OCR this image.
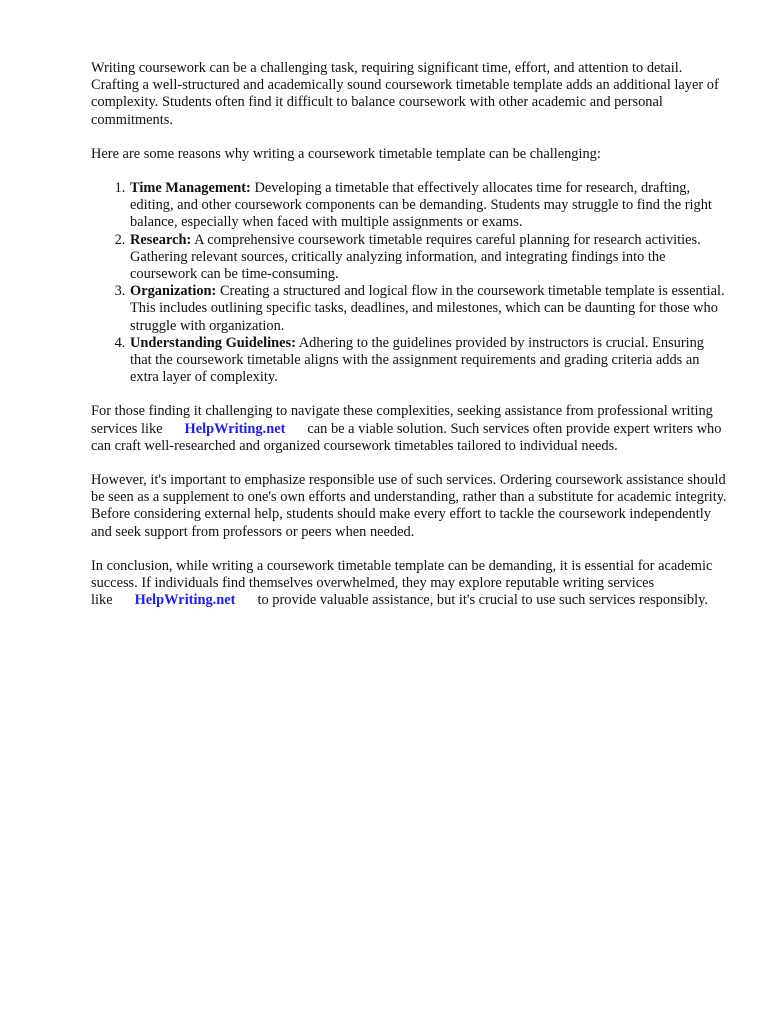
Writing coursework can be a challenging task, requiring significant time, effort, and attention to detail. Crafting a well-structured and academically sound coursework timetable template adds an additional layer of complexity. Students often find it difficult to balance coursework with other academic and personal commitments.

Here are some reasons why writing a coursework timetable template can be challenging:

1. Time Management: Developing a timetable that effectively allocates time for research, drafting, editing, and other coursework components can be demanding. Students may struggle to find the right balance, especially when faced with multiple assignments or exams.
2. Research: A comprehensive coursework timetable requires careful planning for research activities. Gathering relevant sources, critically analyzing information, and integrating findings into the coursework can be time-consuming.
3. Organization: Creating a structured and logical flow in the coursework timetable template is essential. This includes outlining specific tasks, deadlines, and milestones, which can be daunting for those who struggle with organization.
4. Understanding Guidelines: Adhering to the guidelines provided by instructors is crucial. Ensuring that the coursework timetable aligns with the assignment requirements and grading criteria adds an extra layer of complexity.

For those finding it challenging to navigate these complexities, seeking assistance from professional writing services like HelpWriting.net can be a viable solution. Such services often provide expert writers who can craft well-researched and organized coursework timetables tailored to individual needs.

However, it's important to emphasize responsible use of such services. Ordering coursework assistance should be seen as a supplement to one's own efforts and understanding, rather than a substitute for academic integrity. Before considering external help, students should make every effort to tackle the coursework independently and seek support from professors or peers when needed.

In conclusion, while writing a coursework timetable template can be demanding, it is essential for academic success. If individuals find themselves overwhelmed, they may explore reputable writing services like HelpWriting.net to provide valuable assistance, but it's crucial to use such services responsibly.
